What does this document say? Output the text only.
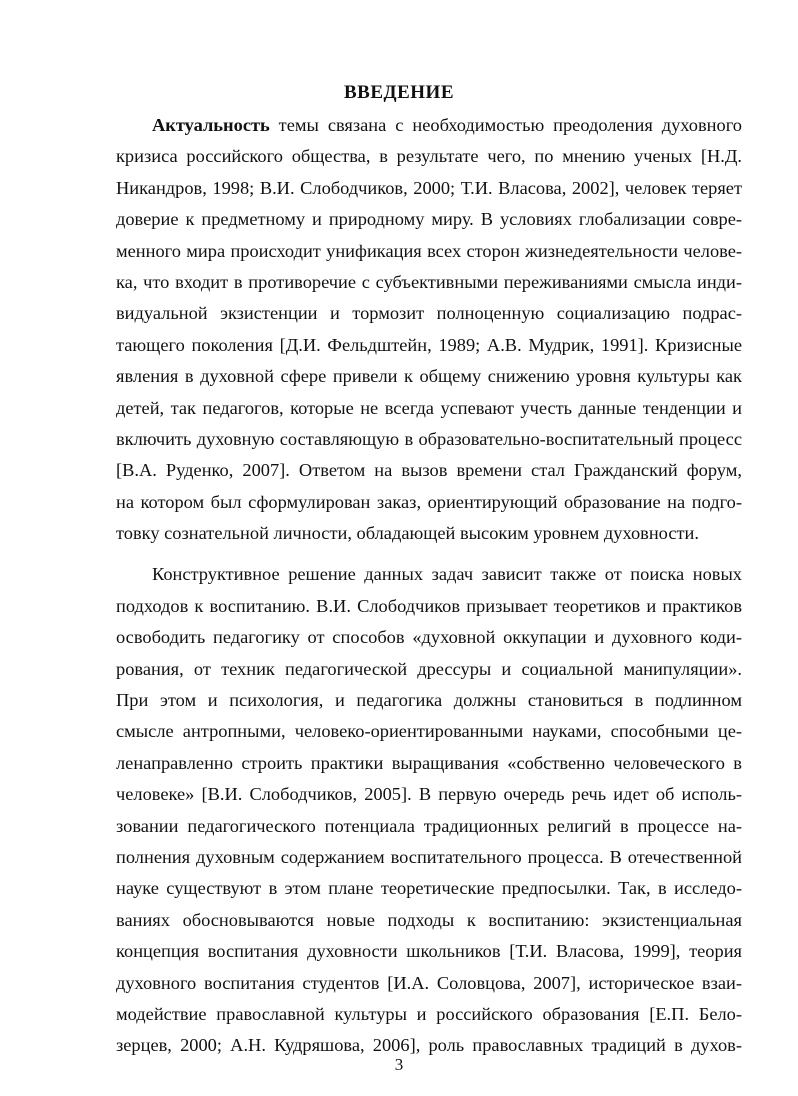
ВВЕДЕНИЕ
Актуальность темы связана с необходимостью преодоления духовного
кризиса российского общества, в результате чего, по мнению ученых [Н.Д.
Никандров, 1998; В.И. Слободчиков, 2000; Т.И. Власова, 2002], человек теряет
доверие к предметному и природному миру. В условиях глобализации совре-
менного мира происходит унификация всех сторон жизнедеятельности челове-
ка, что входит в противоречие с субъективными переживаниями смысла инди-
видуальной экзистенции и тормозит полноценную социализацию подрас-
тающего поколения [Д.И. Фельдштейн, 1989; А.В. Мудрик, 1991]. Кризисные
явления в духовной сфере привели к общему снижению уровня культуры как
детей, так педагогов, которые не всегда успевают учесть данные тенденции и
включить духовную составляющую в образовательно-воспитательный процесс
[В.А. Руденко, 2007]. Ответом на вызов времени стал Гражданский форум,
на котором был сформулирован заказ, ориентирующий образование на подго-
товку сознательной личности, обладающей высоким уровнем духовности.
Конструктивное решение данных задач зависит также от поиска новых
подходов к воспитанию. В.И. Слободчиков призывает теоретиков и практиков
освободить педагогику от способов «духовной оккупации и духовного коди-
рования, от техник педагогической дрессуры и социальной манипуляции».
При этом и психология, и педагогика должны становиться в подлинном
смысле антропными, человеко-ориентированными науками, способными це-
ленаправленно строить практики выращивания «собственно человеческого в
человеке» [В.И. Слободчиков, 2005]. В первую очередь речь идет об исполь-
зовании педагогического потенциала традиционных религий в процессе на-
полнения духовным содержанием воспитательного процесса. В отечественной
науке существуют в этом плане теоретические предпосылки. Так, в исследо-
ваниях обосновываются новые подходы к воспитанию: экзистенциальная
концепция воспитания духовности школьников [Т.И. Власова, 1999], теория
духовного воспитания студентов [И.А. Соловцова, 2007], историческое взаи-
модействие православной культуры и российского образования [Е.П. Бело-
зерцев, 2000; А.Н. Кудряшова, 2006], роль православных традиций в духов-
3
